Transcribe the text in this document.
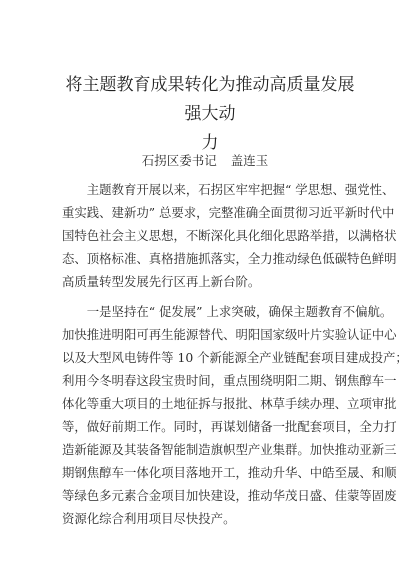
将主题教育成果转化为推动高质量发展强大动
力
石拐区委书记 盖连玉
　　主题教育开展以来，石拐区牢牢把握“ 学思想、强党性、
重实践、建新功” 总要求，完整准确全面贯彻习近平新时代中
国特色社会主义思想，不断深化具化细化思路举措，以满格状
态、顶格标准、真格措施抓落实，全力推动绿色低碳特色鲜明
高质量转型发展先行区再上新台阶。
　　一是坚持在“ 促发展” 上求突破，确保主题教育不偏航。
加快推进明阳可再生能源替代、明阳国家级叶片实验认证中心
以及大型风电铸件等 10 个新能源全产业链配套项目建成投产；
利用今冬明春这段宝贵时间，重点围绕明阳二期、钢焦醇车一
体化等重大项目的土地征拆与报批、林草手续办理、立项审批
等，做好前期工作。同时，再谋划储备一批配套项目，全力打
造新能源及其装备智能制造旗帜型产业集群。加快推动亚新三
期钢焦醇车一体化项目落地开工，推动升华、中皓至晟、和顺
等绿色多元素合金项目加快建设，推动华茂日盛、佳蒙等固废
资源化综合利用项目尽快投产。
